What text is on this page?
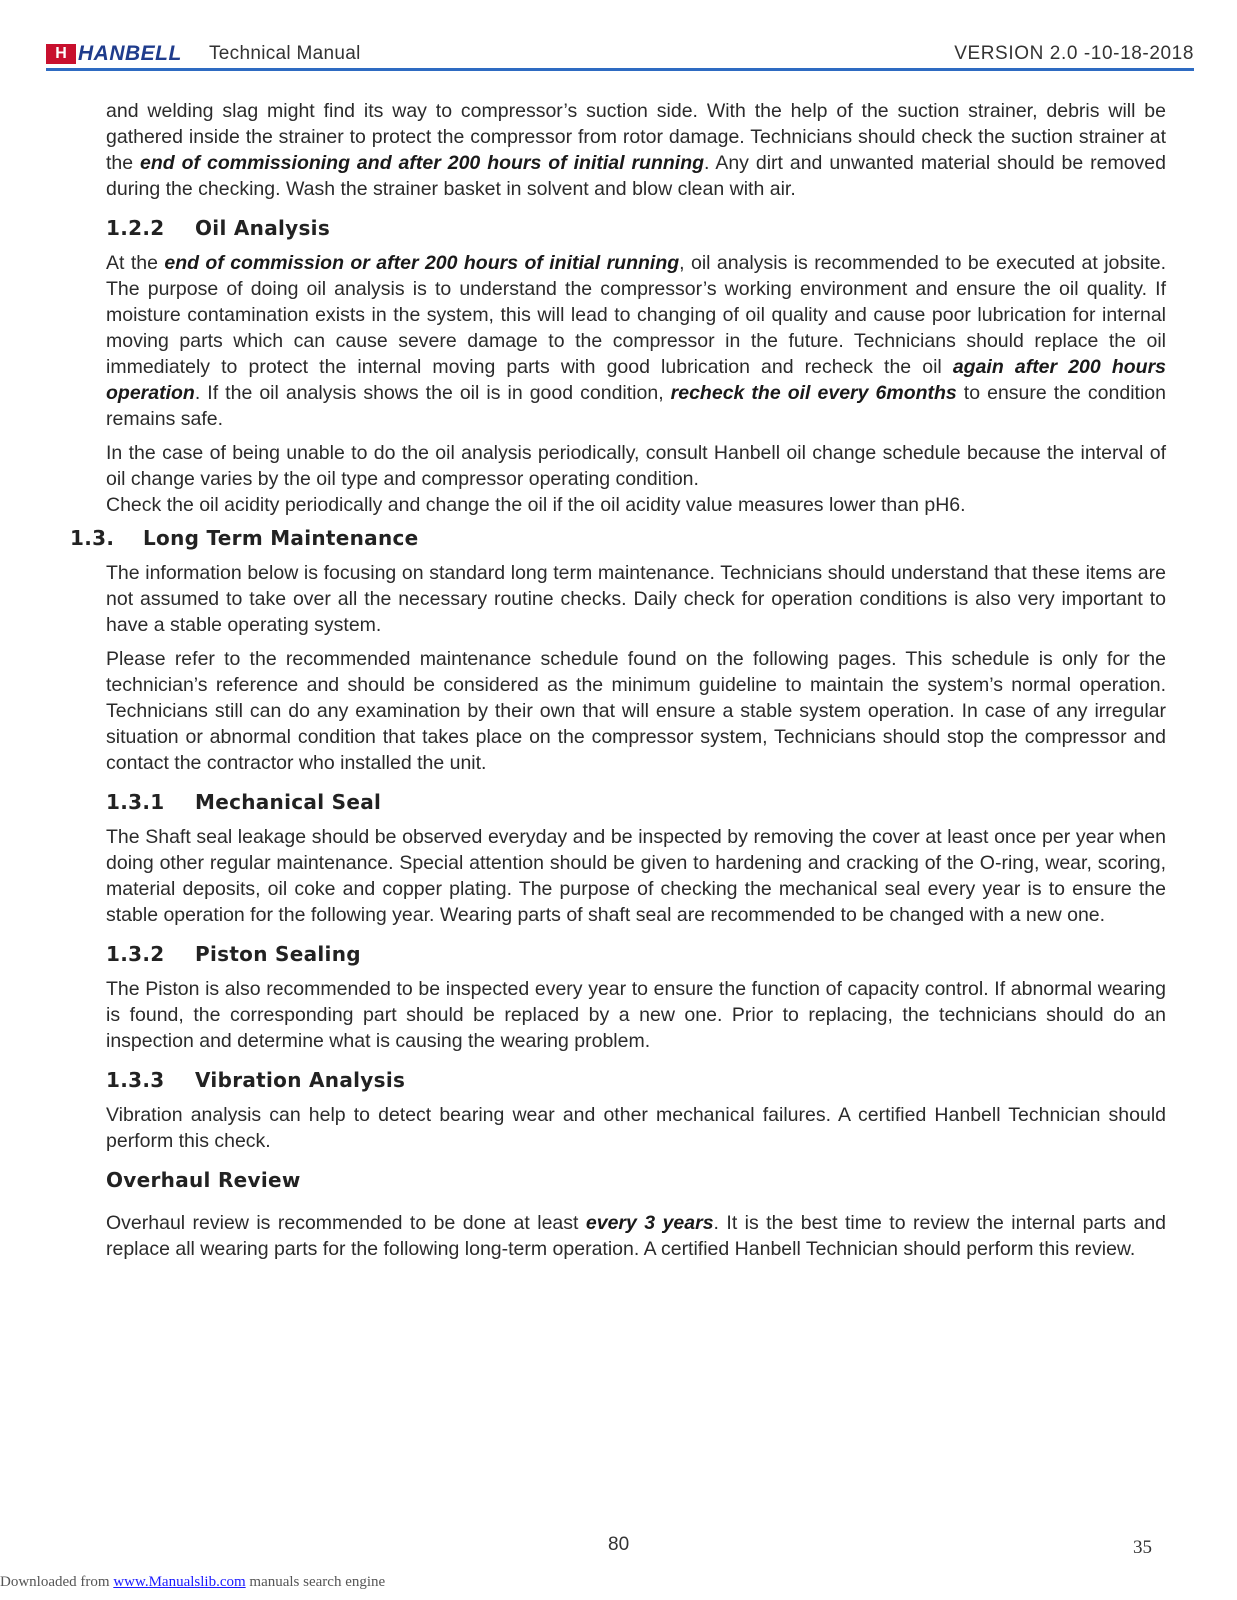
H HANBELL Technical Manual	VERSION 2.0 -10-18-2018

and welding slag might find its way to compressor’s suction side. With the help of the suction strainer, debris will be gathered inside the strainer to protect the compressor from rotor damage. Technicians should check the suction strainer at the end of commissioning and after 200 hours of initial running. Any dirt and unwanted material should be removed during the checking. Wash the strainer basket in solvent and blow clean with air.

1.2.2 Oil Analysis

At the end of commission or after 200 hours of initial running, oil analysis is recommended to be executed at jobsite. The purpose of doing oil analysis is to understand the compressor’s working environment and ensure the oil quality. If moisture contamination exists in the system, this will lead to changing of oil quality and cause poor lubrication for internal moving parts which can cause severe damage to the compressor in the future. Technicians should replace the oil immediately to protect the internal moving parts with good lubrication and recheck the oil again after 200 hours operation. If the oil analysis shows the oil is in good condition, recheck the oil every 6months to ensure the condition remains safe.

In the case of being unable to do the oil analysis periodically, consult Hanbell oil change schedule because the interval of oil change varies by the oil type and compressor operating condition.

Check the oil acidity periodically and change the oil if the oil acidity value measures lower than pH6.

1.3. Long Term Maintenance

The information below is focusing on standard long term maintenance. Technicians should understand that these items are not assumed to take over all the necessary routine checks. Daily check for operation conditions is also very important to have a stable operating system.

Please refer to the recommended maintenance schedule found on the following pages. This schedule is only for the technician’s reference and should be considered as the minimum guideline to maintain the system’s normal operation. Technicians still can do any examination by their own that will ensure a stable system operation. In case of any irregular situation or abnormal condition that takes place on the compressor system, Technicians should stop the compressor and contact the contractor who installed the unit.

1.3.1 Mechanical Seal

The Shaft seal leakage should be observed everyday and be inspected by removing the cover at least once per year when doing other regular maintenance. Special attention should be given to hardening and cracking of the O-ring, wear, scoring, material deposits, oil coke and copper plating. The purpose of checking the mechanical seal every year is to ensure the stable operation for the following year. Wearing parts of shaft seal are recommended to be changed with a new one.

1.3.2 Piston Sealing

The Piston is also recommended to be inspected every year to ensure the function of capacity control. If abnormal wearing is found, the corresponding part should be replaced by a new one. Prior to replacing, the technicians should do an inspection and determine what is causing the wearing problem.

1.3.3 Vibration Analysis

Vibration analysis can help to detect bearing wear and other mechanical failures. A certified Hanbell Technician should perform this check.

Overhaul Review

Overhaul review is recommended to be done at least every 3 years. It is the best time to review the internal parts and replace all wearing parts for the following long-term operation. A certified Hanbell Technician should perform this review.

80	35
Downloaded from www.Manualslib.com manuals search engine
